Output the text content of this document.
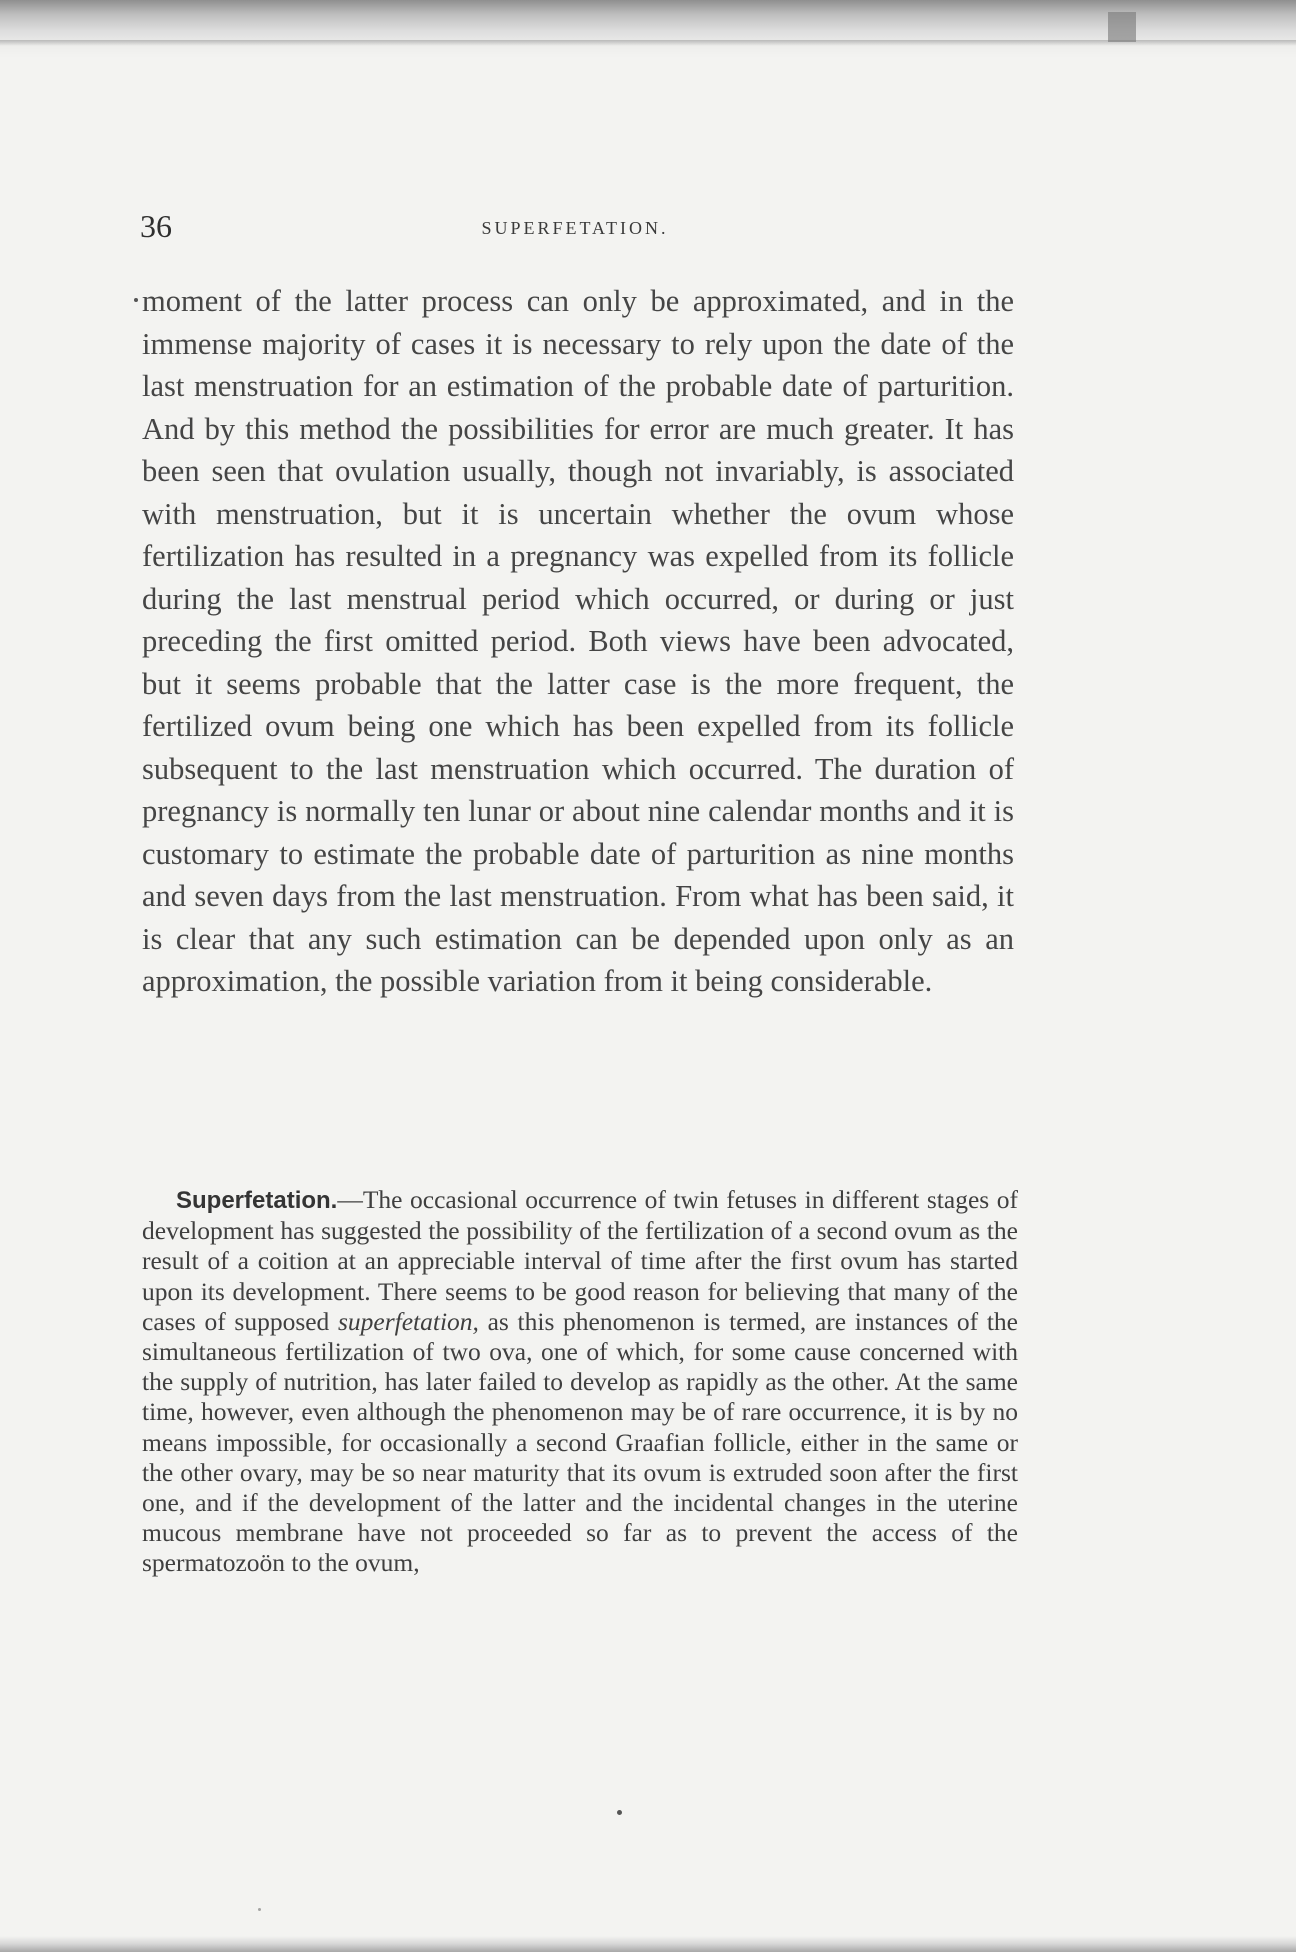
36	SUPERFETATION.

moment of the latter process can only be approximated, and in the immense majority of cases it is necessary to rely upon the date of the last menstruation for an estimation of the probable date of parturition. And by this method the possibilities for error are much greater. It has been seen that ovulation usually, though not invariably, is associated with menstruation, but it is uncertain whether the ovum whose fertilization has resulted in a pregnancy was expelled from its follicle during the last menstrual period which occurred, or during or just preceding the first omitted period. Both views have been advocated, but it seems probable that the latter case is the more frequent, the fertilized ovum being one which has been expelled from its follicle subsequent to the last menstruation which occurred. The duration of pregnancy is normally ten lunar or about nine calendar months and it is customary to estimate the probable date of parturition as nine months and seven days from the last menstruation. From what has been said, it is clear that any such estimation can be depended upon only as an approximation, the possible variation from it being considerable.

Superfetation.—The occasional occurrence of twin fetuses in different stages of development has suggested the possibility of the fertilization of a second ovum as the result of a coition at an appreciable interval of time after the first ovum has started upon its development. There seems to be good reason for believing that many of the cases of supposed superfetation, as this phenomenon is termed, are instances of the simultaneous fertilization of two ova, one of which, for some cause concerned with the supply of nutrition, has later failed to develop as rapidly as the other. At the same time, however, even although the phenomenon may be of rare occurrence, it is by no means impossible, for occasionally a second Graafian follicle, either in the same or the other ovary, may be so near maturity that its ovum is extruded soon after the first one, and if the development of the latter and the incidental changes in the uterine mucous membrane have not proceeded so far as to prevent the access of the spermatozoön to the ovum,
